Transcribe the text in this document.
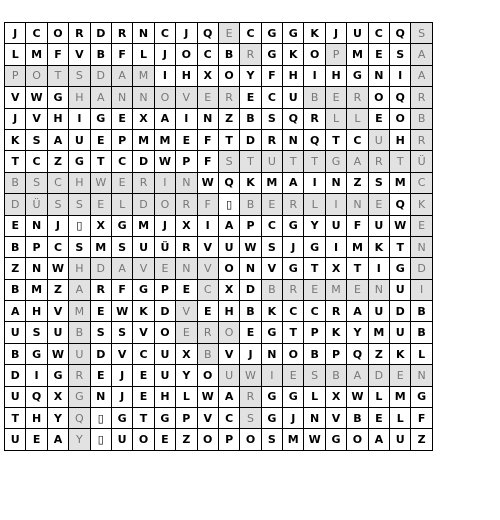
J	C	O	R	D	R	N	C	J	Q	E	C	G	G	K	J	U	C	Q	S
L	M	F	V	B	F	L	J	O	C	B	R	G	K	O	P	M	E	S	A
P	O	T	S	D	A	M	I	H	X	O	Y	F	H	I	H	G	N	I	A
V	W	G	H	A	N	N	O	V	E	R	E	C	U	B	E	R	O	Q	R
J	V	H	I	G	E	X	A	I	N	Z	B	S	Q	R	L	L	E	O	B
K	S	A	U	E	P	M	M	E	F	T	D	R	N	Q	T	C	U	H	R
T	C	Z	G	T	C	D	W	P	F	S	T	U	T	T	G	A	R	T	Ü
B	S	C	H	W	E	R	I	N	W	Q	K	M	A	I	N	Z	S	M	C
D	Ü	S	S	E	L	D	O	R	F	▯	B	E	R	L	I	N	E	Q	K
E	N	J	▯	X	G	M	J	X	I	A	P	C	G	Y	U	F	U	W	E
B	P	C	S	M	S	U	Ü	R	V	U	W	S	J	G	I	M	K	T	N
Z	N	W	H	D	A	V	E	N	V	O	N	V	G	T	X	T	I	G	D
B	M	Z	A	R	F	G	P	E	C	X	D	B	R	E	M	E	N	U	I
A	H	V	M	E	W	K	D	V	E	H	B	K	C	C	R	A	U	D	B
U	S	U	B	S	S	V	O	E	R	O	E	G	T	P	K	Y	M	U	B
B	G	W	U	D	V	C	U	X	B	V	J	N	O	B	P	Q	Z	K	L
D	I	G	R	E	J	E	U	Y	O	U	W	I	E	S	B	A	D	E	N
U	Q	X	G	N	J	E	H	L	W	A	R	G	G	L	X	W	L	M	G
T	H	Y	Q	▯	G	T	G	P	V	C	S	G	J	N	V	B	E	L	F
U	E	A	Y	▯	U	O	E	Z	O	P	O	S	M	W	G	O	A	U	Z
